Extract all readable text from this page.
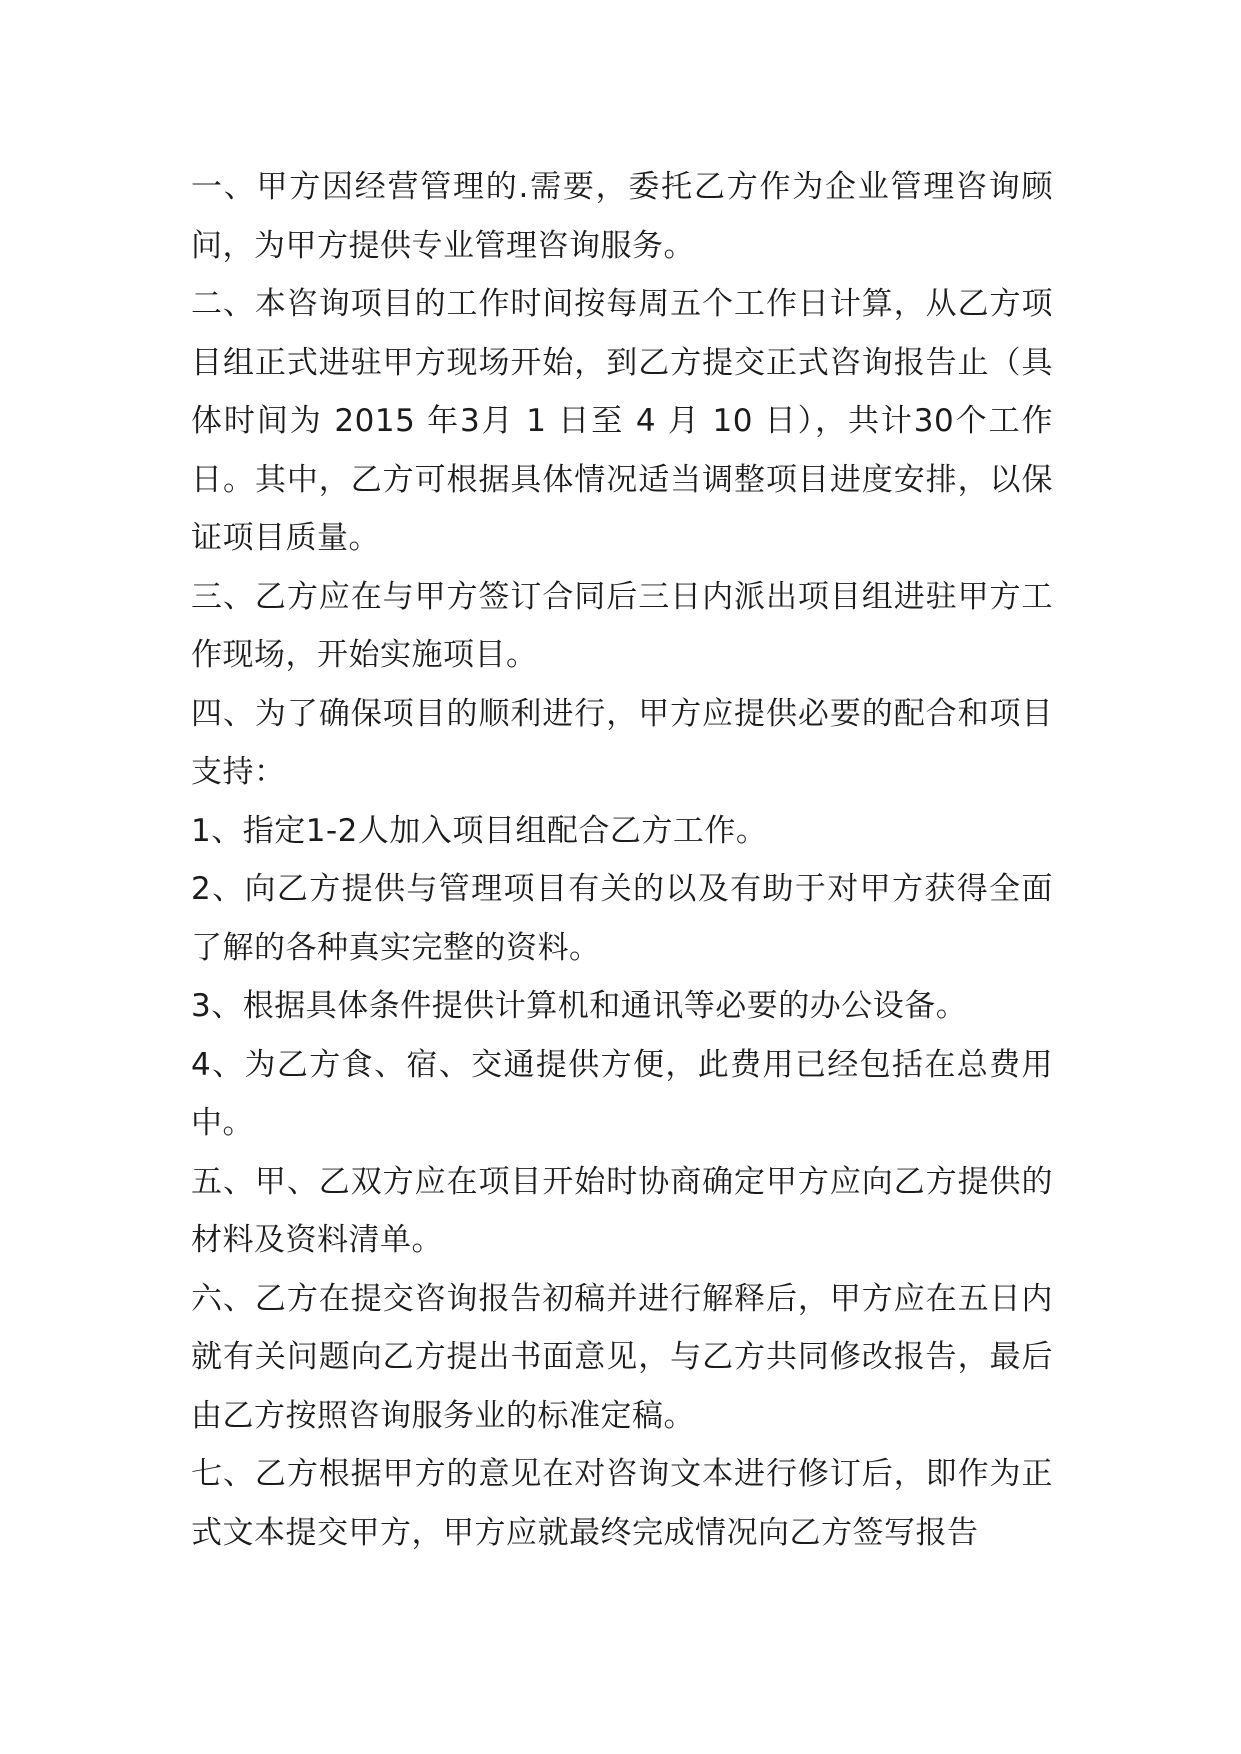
一、甲方因经营管理的.需要，委托乙方作为企业管理咨询顾问，为甲方提供专业管理咨询服务。

二、本咨询项目的工作时间按每周五个工作日计算，从乙方项目组正式进驻甲方现场开始，到乙方提交正式咨询报告止（具体时间为 2015 年3月 1 日至 4 月 10 日），共计30个工作日。其中，乙方可根据具体情况适当调整项目进度安排，以保证项目质量。

三、乙方应在与甲方签订合同后三日内派出项目组进驻甲方工作现场，开始实施项目。

四、为了确保项目的顺利进行，甲方应提供必要的配合和项目支持：

1、指定1-2人加入项目组配合乙方工作。

2、向乙方提供与管理项目有关的以及有助于对甲方获得全面了解的各种真实完整的资料。

3、根据具体条件提供计算机和通讯等必要的办公设备。

4、为乙方食、宿、交通提供方便，此费用已经包括在总费用中。

五、甲、乙双方应在项目开始时协商确定甲方应向乙方提供的材料及资料清单。

六、乙方在提交咨询报告初稿并进行解释后，甲方应在五日内就有关问题向乙方提出书面意见，与乙方共同修改报告，最后由乙方按照咨询服务业的标准定稿。

七、乙方根据甲方的意见在对咨询文本进行修订后，即作为正式文本提交甲方，甲方应就最终完成情况向乙方签写报告
